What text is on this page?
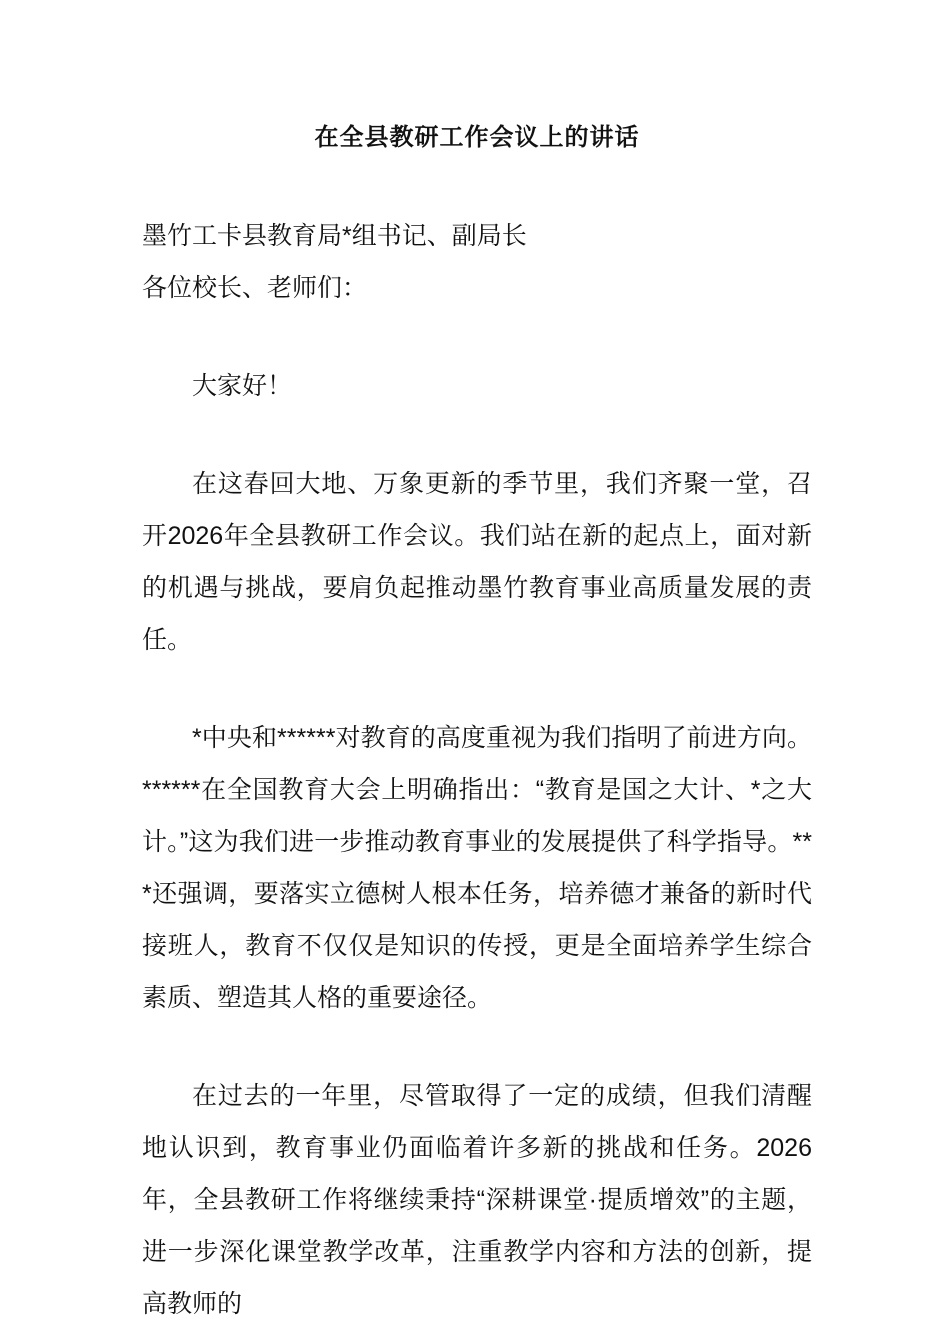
在全县教研工作会议上的讲话

墨竹工卡县教育局*组书记、副局长

各位校长、老师们：

大家好！

在这春回大地、万象更新的季节里，我们齐聚一堂，召开2026年全县教研工作会议。我们站在新的起点上，面对新的机遇与挑战，要肩负起推动墨竹教育事业高质量发展的责任。

*中央和******对教育的高度重视为我们指明了前进方向。******在全国教育大会上明确指出：“教育是国之大计、*之大计。”这为我们进一步推动教育事业的发展提供了科学指导。***还强调，要落实立德树人根本任务，培养德才兼备的新时代接班人，教育不仅仅是知识的传授，更是全面培养学生综合素质、塑造其人格的重要途径。

在过去的一年里，尽管取得了一定的成绩，但我们清醒地认识到，教育事业仍面临着许多新的挑战和任务。2026年，全县教研工作将继续秉持“深耕课堂·提质增效”的主题，进一步深化课堂教学改革，注重教学内容和方法的创新，提高教师的
